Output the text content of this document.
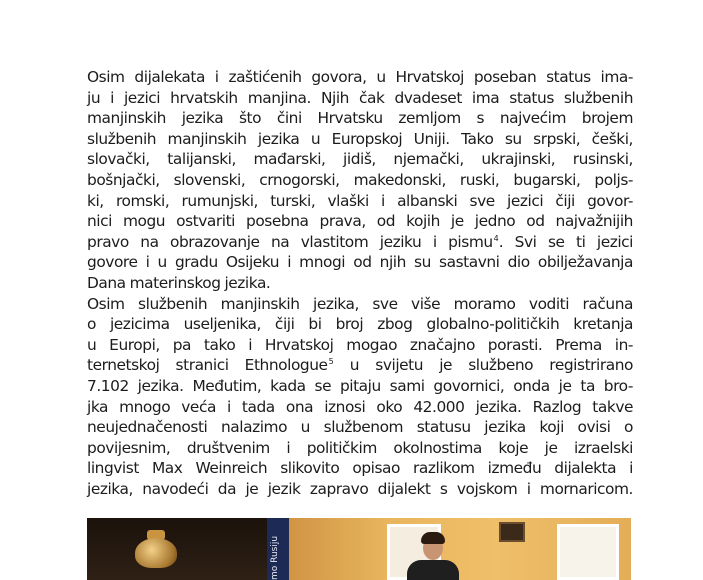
Osim dijalekata i zaštićenih govora, u Hrvatskoj poseban status ima-
ju i jezici hrvatskih manjina. Njih čak dvadeset ima status službenih
manjinskih jezika što čini Hrvatsku zemljom s najvećim brojem
službenih manjinskih jezika u Europskoj Uniji. Tako su srpski, češki,
slovački, talijanski, mađarski, jidiš, njemački, ukrajinski, rusinski,
bošnjački, slovenski, crnogorski, makedonski, ruski, bugarski, poljs-
ki, romski, rumunjski, turski, vlaški i albanski sve jezici čiji govor-
nici mogu ostvariti posebna prava, od kojih je jedno od najvažnijih
pravo na obrazovanje na vlastitom jeziku i pismu$^4$. Svi se ti jezici
govore i u gradu Osijeku i mnogi od njih su sastavni dio obilježavanja
Dana materinskog jezika.
Osim službenih manjinskih jezika, sve više moramo voditi računa
o jezicima useljenika, čiji bi broj zbog globalno-političkih kretanja
u Europi, pa tako i Hrvatskoj mogao značajno porasti. Prema in-
ternetskoj stranici Ethnologue$^5$ u svijetu je službeno registrirano
7.102 jezika. Međutim, kada se pitaju sami govornici, onda je ta bro-
jka mnogo veća i tada ona iznosi oko 42.000 jezika. Razlog takve
neujednačenosti nalazimo u službenom statusu jezika koji ovisi o
povijesnim, društvenim i političkim okolnostima koje je izraelski
lingvist Max Weinreich slikovito opisao razlikom između dijalekta i
jezika, navodeći da je jezik zapravo dijalekt s vojskom i mornaricom.
mo Rusiju
